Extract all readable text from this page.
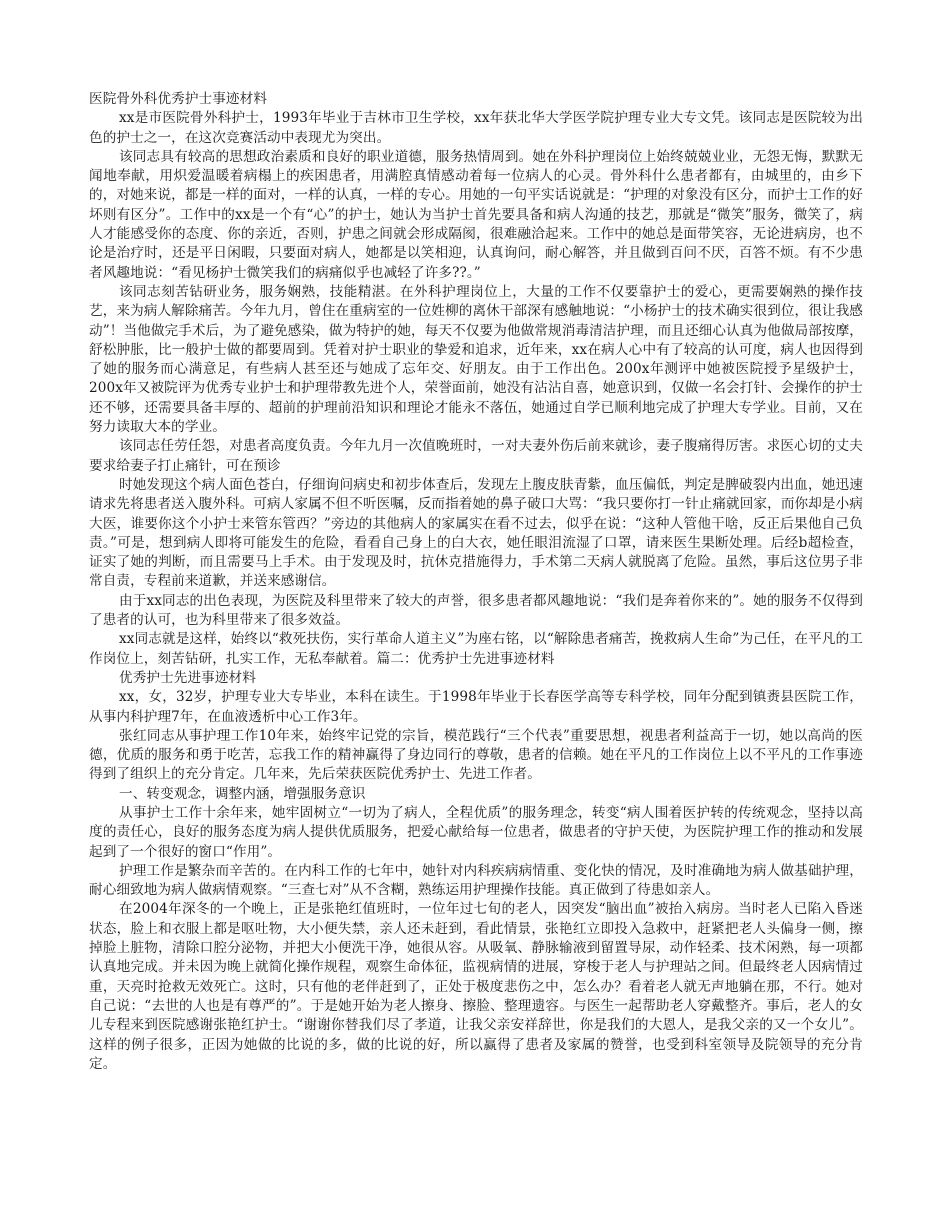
医院骨外科优秀护士事迹材料

xx是市医院骨外科护士，1993年毕业于吉林市卫生学校，xx年获北华大学医学院护理专业大专文凭。该同志是医院较为出色的护士之一，在这次竞赛活动中表现尤为突出。

该同志具有较高的思想政治素质和良好的职业道德，服务热情周到。她在外科护理岗位上始终兢兢业业，无怨无悔，默默无闻地奉献，用炽爱温暖着病榻上的疾困患者，用满腔真情感动着每一位病人的心灵。骨外科什么患者都有，由城里的，由乡下的，对她来说，都是一样的面对，一样的认真，一样的专心。用她的一句平实话说就是：“护理的对象没有区分，而护士工作的好坏则有区分”。工作中的xx是一个有“心”的护士，她认为当护士首先要具备和病人沟通的技艺，那就是“微笑”服务，微笑了，病人才能感受你的态度、你的亲近，否则，护患之间就会形成隔阂，很难融洽起来。工作中的她总是面带笑容，无论进病房，也不论是治疗时，还是平日闲暇，只要面对病人，她都是以笑相迎，认真询问，耐心解答，并且做到百问不厌，百答不烦。有不少患者风趣地说：“看见杨护士微笑我们的病痛似乎也减轻了许多??。”

该同志刻苦钻研业务，服务娴熟，技能精湛。在外科护理岗位上，大量的工作不仅要靠护士的爱心，更需要娴熟的操作技艺，来为病人解除痛苦。今年九月，曾住在重病室的一位姓柳的离休干部深有感触地说：“小杨护士的技术确实很到位，很让我感动”！当他做完手术后，为了避免感染，做为特护的她，每天不仅要为他做常规消毒清洁护理，而且还细心认真为他做局部按摩，舒松肿胀，比一般护士做的都要周到。凭着对护士职业的挚爱和追求，近年来，xx在病人心中有了较高的认可度，病人也因得到了她的服务而心满意足，有些病人甚至还与她成了忘年交、好朋友。由于工作出色。200x年测评中她被医院授予星级护士，200x年又被院评为优秀专业护士和护理带教先进个人，荣誉面前，她没有沾沾自喜，她意识到，仅做一名会打针、会操作的护士还不够，还需要具备丰厚的、超前的护理前沿知识和理论才能永不落伍，她通过自学已顺利地完成了护理大专学业。目前，又在努力读取大本的学业。

该同志任劳任怨，对患者高度负责。今年九月一次值晚班时，一对夫妻外伤后前来就诊，妻子腹痛得厉害。求医心切的丈夫要求给妻子打止痛针，可在预诊

时她发现这个病人面色苍白，仔细询问病史和初步体查后，发现左上腹皮肤青紫，血压偏低，判定是脾破裂内出血，她迅速请求先将患者送入腹外科。可病人家属不但不听医嘱，反而指着她的鼻子破口大骂：“我只要你打一针止痛就回家，而你却是小病大医，谁要你这个小护士来管东管西？”旁边的其他病人的家属实在看不过去，似乎在说：“这种人管他干啥，反正后果他自己负责。”可是，想到病人即将可能发生的危险，看看自己身上的白大衣，她任眼泪流湿了口罩，请来医生果断处理。后经b超检查，证实了她的判断，而且需要马上手术。由于发现及时，抗休克措施得力，手术第二天病人就脱离了危险。虽然，事后这位男子非常自责，专程前来道歉，并送来感谢信。

由于xx同志的出色表现，为医院及科里带来了较大的声誉，很多患者都风趣地说：“我们是奔着你来的”。她的服务不仅得到了患者的认可，也为科里带来了很多效益。

xx同志就是这样，始终以“救死扶伤，实行革命人道主义”为座右铭，以“解除患者痛苦，挽救病人生命”为己任，在平凡的工作岗位上，刻苦钻研，扎实工作，无私奉献着。篇二：优秀护士先进事迹材料

优秀护士先进事迹材料

xx，女，32岁，护理专业大专毕业，本科在读生。于1998年毕业于长春医学高等专科学校，同年分配到镇赉县医院工作，从事内科护理7年，在血液透析中心工作3年。

张红同志从事护理工作10年来，始终牢记党的宗旨，模范践行“三个代表”重要思想，视患者利益高于一切，她以高尚的医德，优质的服务和勇于吃苦，忘我工作的精神赢得了身边同行的尊敬，患者的信赖。她在平凡的工作岗位上以不平凡的工作事迹得到了组织上的充分肯定。几年来，先后荣获医院优秀护士、先进工作者。

一、转变观念，调整内涵，增强服务意识

从事护士工作十余年来，她牢固树立“一切为了病人，全程优质”的服务理念，转变“病人围着医护转的传统观念，坚持以高度的责任心，良好的服务态度为病人提供优质服务，把爱心献给每一位患者，做患者的守护天使，为医院护理工作的推动和发展起到了一个很好的窗口“作用”。

护理工作是繁杂而辛苦的。在内科工作的七年中，她针对内科疾病病情重、变化快的情况，及时准确地为病人做基础护理，耐心细致地为病人做病情观察。“三查七对”从不含糊，熟练运用护理操作技能。真正做到了待患如亲人。

在2004年深冬的一个晚上，正是张艳红值班时，一位年过七旬的老人，因突发“脑出血”被抬入病房。当时老人已陷入昏迷状态，脸上和衣服上都是呕吐物，大小便失禁，亲人还未赶到，看此情景，张艳红立即投入急救中，赶紧把老人头偏身一侧，擦掉脸上脏物，清除口腔分泌物，并把大小便洗干净，她很从容。从吸氧、静脉输液到留置导尿，动作轻柔、技术闲熟，每一项都认真地完成。并未因为晚上就简化操作规程，观察生命体征，监视病情的进展，穿梭于老人与护理站之间。但最终老人因病情过重，天亮时抢救无效死亡。这时，只有他的老伴赶到了，正处于极度悲伤之中，怎么办？看着老人就无声地躺在那，不行。她对自己说：“去世的人也是有尊严的”。于是她开始为老人擦身、擦脸、整理遗容。与医生一起帮助老人穿戴整齐。事后，老人的女儿专程来到医院感谢张艳红护士。“谢谢你替我们尽了孝道，让我父亲安祥辞世，你是我们的大恩人，是我父亲的又一个女儿”。这样的例子很多，正因为她做的比说的多，做的比说的好，所以赢得了患者及家属的赞誉，也受到科室领导及院领导的充分肯定。
